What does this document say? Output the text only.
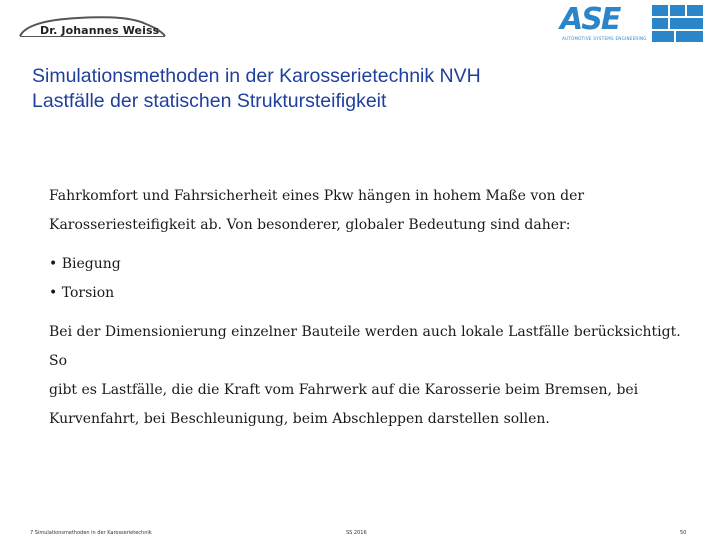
Dr. Johannes Weiss	ASE
AUTOMOTIVE SYSTEMS ENGINEERING
Simulationsmethoden in der Karosserietechnik NVH
Lastfälle der statischen Struktursteifigkeit

Fahrkomfort und Fahrsicherheit eines Pkw hängen in hohem Maße von der

Karosseriesteifigkeit ab. Von besonderer, globaler Bedeutung sind daher:

• Biegung

• Torsion

Bei der Dimensionierung einzelner Bauteile werden auch lokale Lastfälle berücksichtigt. So

gibt es Lastfälle, die die Kraft vom Fahrwerk auf die Karosserie beim Bremsen, bei

Kurvenfahrt, bei Beschleunigung, beim Abschleppen darstellen sollen.

7 Simulationsmethoden in der Karosserietechnik	SS 2016	50
